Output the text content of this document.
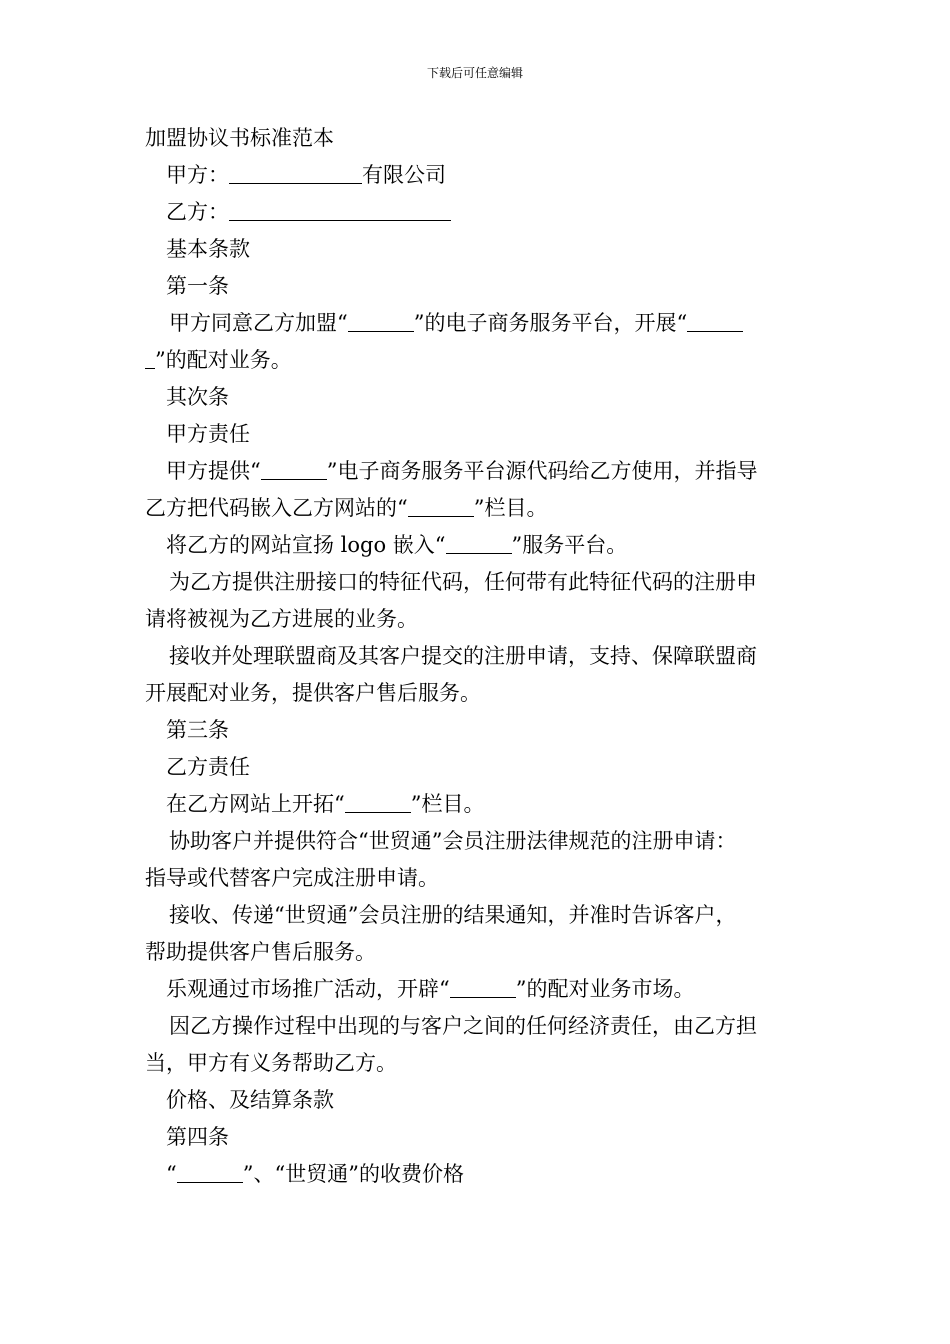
下载后可任意编辑
加盟协议书标准范本
甲方：	有限公司
乙方：
基本条款
第一条
甲方同意乙方加盟“	”的电子商务服务平台，开展“
”的配对业务。
其次条
甲方责任
甲方提供“	”电子商务服务平台源代码给乙方使用，并指导
乙方把代码嵌入乙方网站的“	”栏目。
将乙方的网站宣扬 logo 嵌入“	”服务平台。
为乙方提供注册接口的特征代码，任何带有此特征代码的注册申
请将被视为乙方进展的业务。
接收并处理联盟商及其客户提交的注册申请，支持、保障联盟商
开展配对业务，提供客户售后服务。
第三条
乙方责任
在乙方网站上开拓“	”栏目。
协助客户并提供符合“世贸通”会员注册法律规范的注册申请：
指导或代替客户完成注册申请。
接收、传递“世贸通”会员注册的结果通知，并准时告诉客户，
帮助提供客户售后服务。
乐观通过市场推广活动，开辟“	”的配对业务市场。
因乙方操作过程中出现的与客户之间的任何经济责任，由乙方担
当，甲方有义务帮助乙方。
价格、及结算条款
第四条
“	”、“世贸通”的收费价格
